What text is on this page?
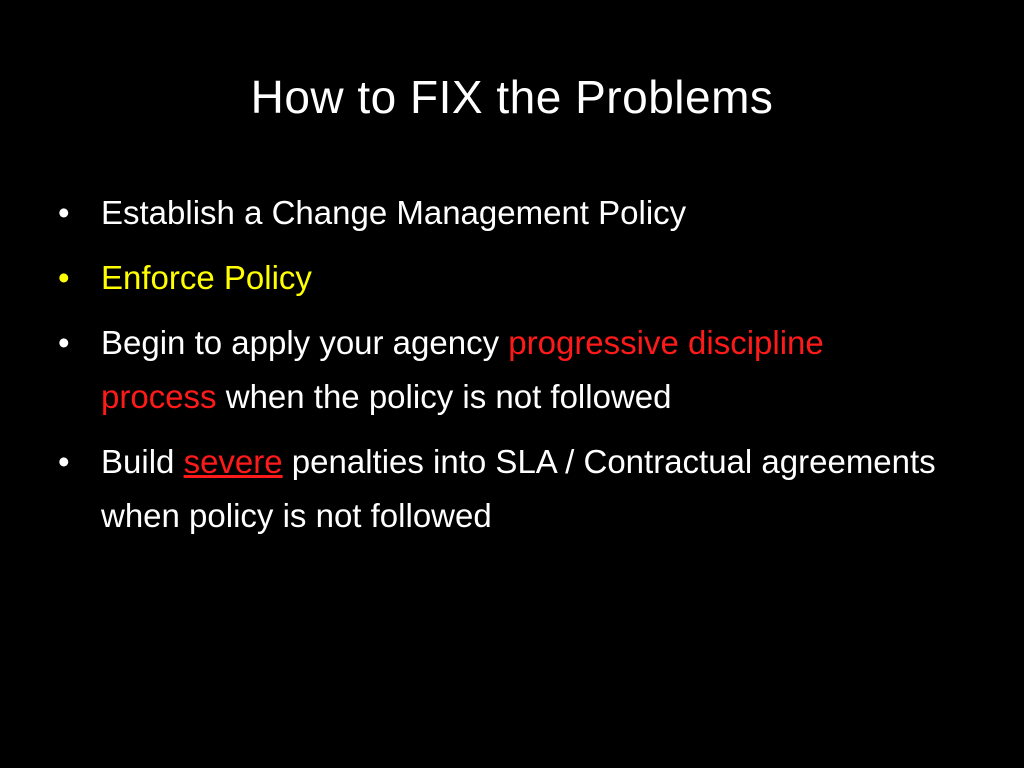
How to FIX the Problems
• Establish a Change Management Policy
• Enforce Policy
• Begin to apply your agency progressive discipline process when the policy is not followed
• Build severe penalties into SLA / Contractual agreements when policy is not followed
